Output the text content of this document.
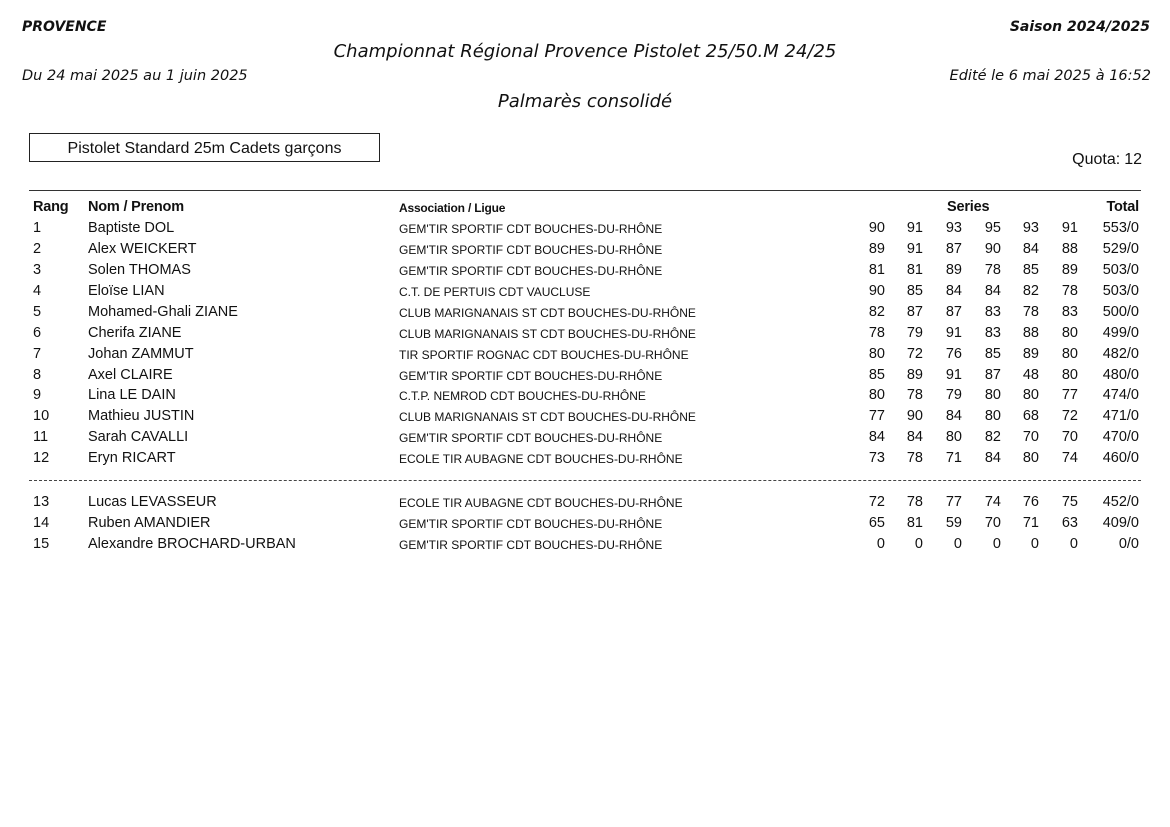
PROVENCE	Saison 2024/2025
Championnat Régional Provence Pistolet 25/50.M 24/25
Du 24 mai 2025 au 1 juin 2025	Edité le 6 mai 2025 à 16:52
Palmarès consolidé
Pistolet Standard 25m Cadets garçons
Quota: 12
Rang Nom / Prenom	Association / Ligue	Series	Total
1	Baptiste DOL	GEM'TIR SPORTIF CDT BOUCHES-DU-RHÔNE	90	91	93	95	93	91 553/0
2	Alex WEICKERT	GEM'TIR SPORTIF CDT BOUCHES-DU-RHÔNE	89	91	87	90	84	88 529/0
3	Solen THOMAS	GEM'TIR SPORTIF CDT BOUCHES-DU-RHÔNE	81	81	89	78	85	89 503/0
4	Eloïse LIAN	C.T. DE PERTUIS CDT VAUCLUSE	90	85	84	84	82	78 503/0
5	Mohamed-Ghali ZIANE	CLUB MARIGNANAIS ST CDT BOUCHES-DU-RHÔNE	82	87	87	83	78	83 500/0
6	Cherifa ZIANE	CLUB MARIGNANAIS ST CDT BOUCHES-DU-RHÔNE	78	79	91	83	88	80 499/0
7	Johan ZAMMUT	TIR SPORTIF ROGNAC CDT BOUCHES-DU-RHÔNE	80	72	76	85	89	80 482/0
8	Axel CLAIRE	GEM'TIR SPORTIF CDT BOUCHES-DU-RHÔNE	85	89	91	87	48	80 480/0
9	Lina LE DAIN	C.T.P. NEMROD CDT BOUCHES-DU-RHÔNE	80	78	79	80	80	77 474/0
10	Mathieu JUSTIN	CLUB MARIGNANAIS ST CDT BOUCHES-DU-RHÔNE	77	90	84	80	68	72 471/0
11	Sarah CAVALLI	GEM'TIR SPORTIF CDT BOUCHES-DU-RHÔNE	84	84	80	82	70	70 470/0
12	Eryn RICART	ECOLE TIR AUBAGNE CDT BOUCHES-DU-RHÔNE	73	78	71	84	80	74 460/0
13	Lucas LEVASSEUR	ECOLE TIR AUBAGNE CDT BOUCHES-DU-RHÔNE	72	78	77	74	76	75 452/0
14	Ruben AMANDIER	GEM'TIR SPORTIF CDT BOUCHES-DU-RHÔNE	65	81	59	70	71	63 409/0
15	Alexandre BROCHARD-URBAN	GEM'TIR SPORTIF CDT BOUCHES-DU-RHÔNE	0	0	0	0	0	0	0/0
